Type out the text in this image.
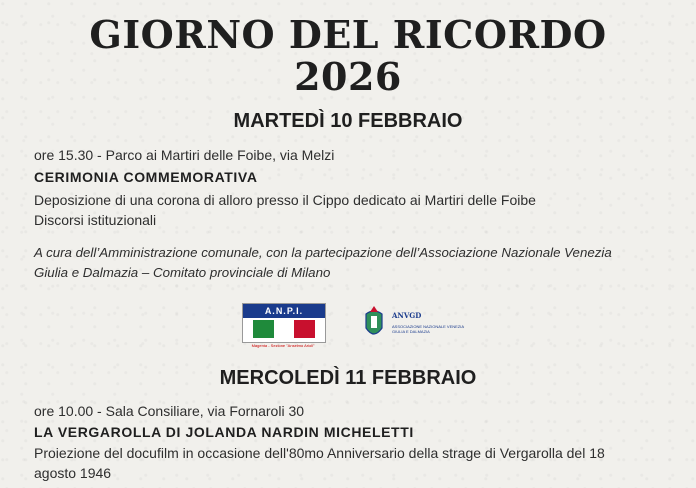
GIORNO DEL RICORDO
2026
MARTEDÌ 10 FEBBRAIO
ore 15.30 - Parco ai Martiri delle Foibe, via Melzi
CERIMONIA COMMEMORATIVA
Deposizione di una corona di alloro presso il Cippo dedicato ai Martiri delle Foibe
Discorsi istituzionali
A cura dell’Amministrazione comunale, con la partecipazione dell’Associazione Nazionale Venezia
Giulia e Dalmazia – Comitato provinciale di Milano
A.N.P.I.
Magenta - Sezione "Anselmo Arioli"
ANVGD
ASSOCIAZIONE NAZIONALE VENEZIA GIULIA E DALMAZIA
MERCOLEDÌ 11 FEBBRAIO
ore 10.00 - Sala Consiliare, via Fornaroli 30
LA VERGAROLLA DI JOLANDA NARDIN MICHELETTI
Proiezione del docufilm in occasione dell'80mo Anniversario della strage di Vergarolla del 18
agosto 1946
